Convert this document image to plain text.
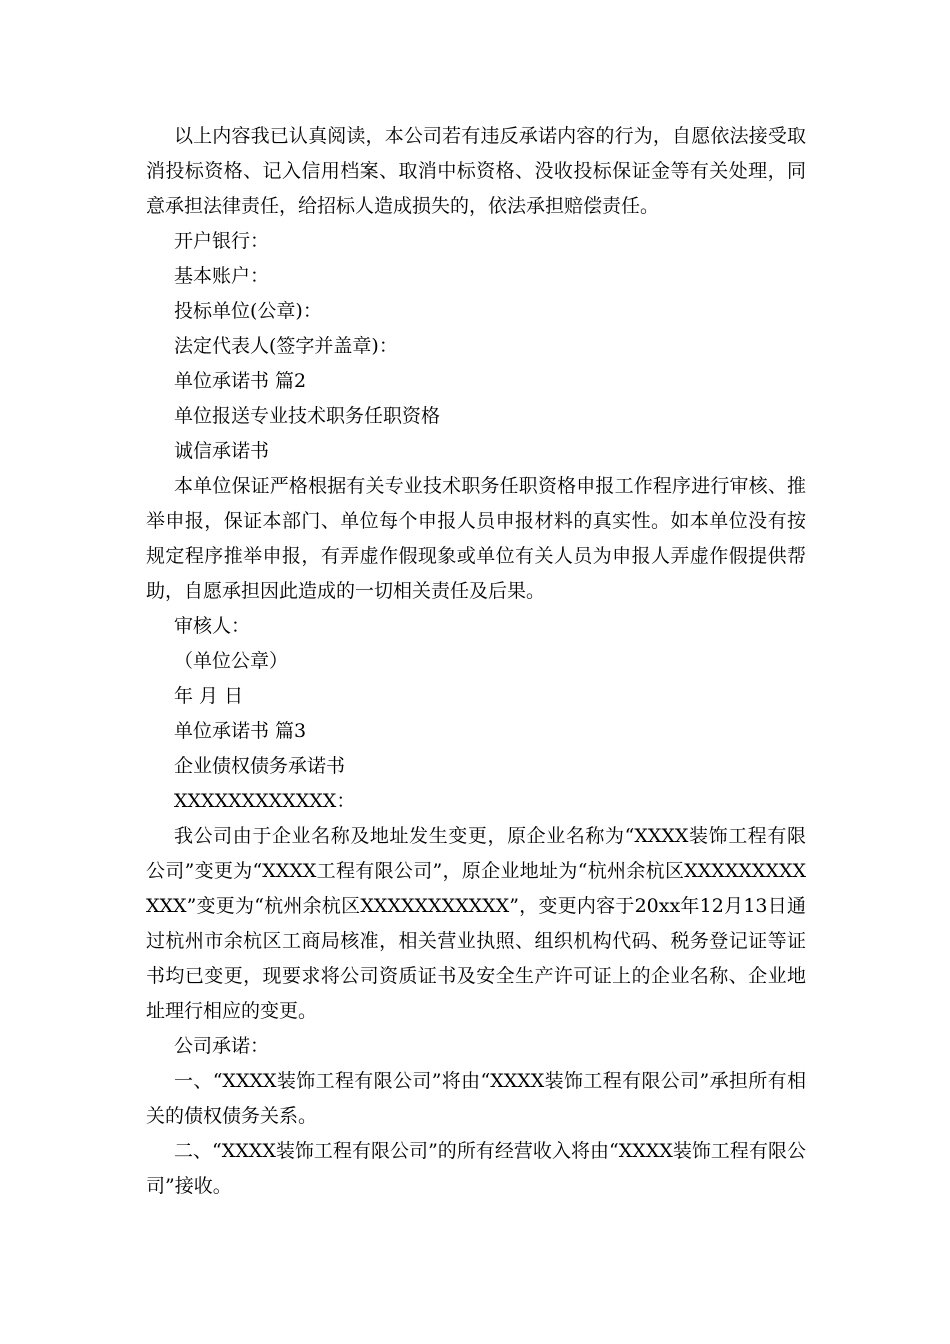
以上内容我已认真阅读，本公司若有违反承诺内容的行为，自愿依法接受取消投标资格、记入信用档案、取消中标资格、没收投标保证金等有关处理，同意承担法律责任，给招标人造成损失的，依法承担赔偿责任。

开户银行：

基本账户：

投标单位(公章)：

法定代表人(签字并盖章)：

单位承诺书 篇2

单位报送专业技术职务任职资格

诚信承诺书

本单位保证严格根据有关专业技术职务任职资格申报工作程序进行审核、推举申报，保证本部门、单位每个申报人员申报材料的真实性。如本单位没有按规定程序推举申报，有弄虚作假现象或单位有关人员为申报人弄虚作假提供帮助，自愿承担因此造成的一切相关责任及后果。

审核人：

（单位公章）

年 月 日

单位承诺书 篇3

企业债权债务承诺书

XXXXXXXXXXXX：

我公司由于企业名称及地址发生变更，原企业名称为“XXXX装饰工程有限公司”变更为“XXXX工程有限公司”，原企业地址为“杭州余杭区XXXXXXXXXXXX”变更为“杭州余杭区XXXXXXXXXXX”，变更内容于20xx年12月13日通过杭州市余杭区工商局核准，相关营业执照、组织机构代码、税务登记证等证书均已变更，现要求将公司资质证书及安全生产许可证上的企业名称、企业地址理行相应的变更。

公司承诺：

一、“XXXX装饰工程有限公司”将由“XXXX装饰工程有限公司”承担所有相关的债权债务关系。

二、“XXXX装饰工程有限公司”的所有经营收入将由“XXXX装饰工程有限公司”接收。
